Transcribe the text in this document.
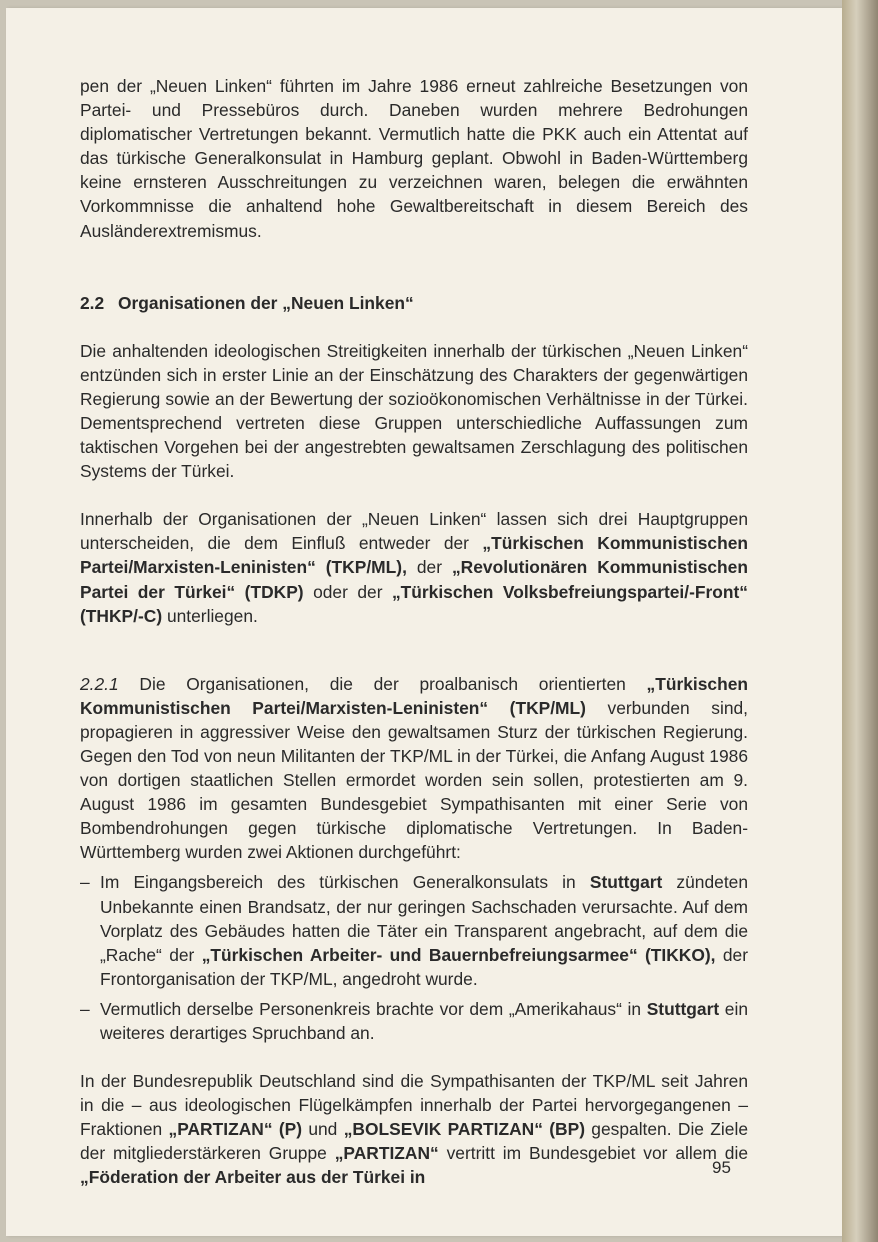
pen der „Neuen Linken“ führten im Jahre 1986 erneut zahlreiche Besetzungen von Partei- und Pressebüros durch. Daneben wurden mehrere Bedrohungen diplomatischer Vertretungen bekannt. Vermutlich hatte die PKK auch ein Attentat auf das türkische Generalkonsulat in Hamburg geplant. Obwohl in Baden-Württemberg keine ernsteren Ausschreitungen zu verzeichnen waren, belegen die erwähnten Vorkommnisse die anhaltend hohe Gewaltbereitschaft in diesem Bereich des Ausländerextremismus.

2.2 Organisationen der „Neuen Linken“

Die anhaltenden ideologischen Streitigkeiten innerhalb der türkischen „Neuen Linken“ entzünden sich in erster Linie an der Einschätzung des Charakters der gegenwärtigen Regierung sowie an der Bewertung der sozioökonomischen Verhältnisse in der Türkei. Dementsprechend vertreten diese Gruppen unterschiedliche Auffassungen zum taktischen Vorgehen bei der angestrebten gewaltsamen Zerschlagung des politischen Systems der Türkei.

Innerhalb der Organisationen der „Neuen Linken“ lassen sich drei Hauptgruppen unterscheiden, die dem Einfluß entweder der „Türkischen Kommunistischen Partei/Marxisten-Leninisten“ (TKP/ML), der „Revolutionären Kommunistischen Partei der Türkei“ (TDKP) oder der „Türkischen Volksbefreiungspartei/-Front“ (THKP/-C) unterliegen.

2.2.1 Die Organisationen, die der proalbanisch orientierten „Türkischen Kommunistischen Partei/Marxisten-Leninisten“ (TKP/ML) verbunden sind, propagieren in aggressiver Weise den gewaltsamen Sturz der türkischen Regierung. Gegen den Tod von neun Militanten der TKP/ML in der Türkei, die Anfang August 1986 von dortigen staatlichen Stellen ermordet worden sein sollen, protestierten am 9. August 1986 im gesamten Bundesgebiet Sympathisanten mit einer Serie von Bombendrohungen gegen türkische diplomatische Vertretungen. In Baden-Württemberg wurden zwei Aktionen durchgeführt:

– Im Eingangsbereich des türkischen Generalkonsulats in Stuttgart zündeten Unbekannte einen Brandsatz, der nur geringen Sachschaden verursachte. Auf dem Vorplatz des Gebäudes hatten die Täter ein Transparent angebracht, auf dem die „Rache“ der „Türkischen Arbeiter- und Bauernbefreiungsarmee“ (TIKKO), der Frontorganisation der TKP/ML, angedroht wurde.
– Vermutlich derselbe Personenkreis brachte vor dem „Amerikahaus“ in Stuttgart ein weiteres derartiges Spruchband an.

In der Bundesrepublik Deutschland sind die Sympathisanten der TKP/ML seit Jahren in die – aus ideologischen Flügelkämpfen innerhalb der Partei hervorgegangenen – Fraktionen „PARTIZAN“ (P) und „BOLSEVIK PARTIZAN“ (BP) gespalten. Die Ziele der mitgliederstärkeren Gruppe „PARTIZAN“ vertritt im Bundesgebiet vor allem die „Föderation der Arbeiter aus der Türkei in	95
